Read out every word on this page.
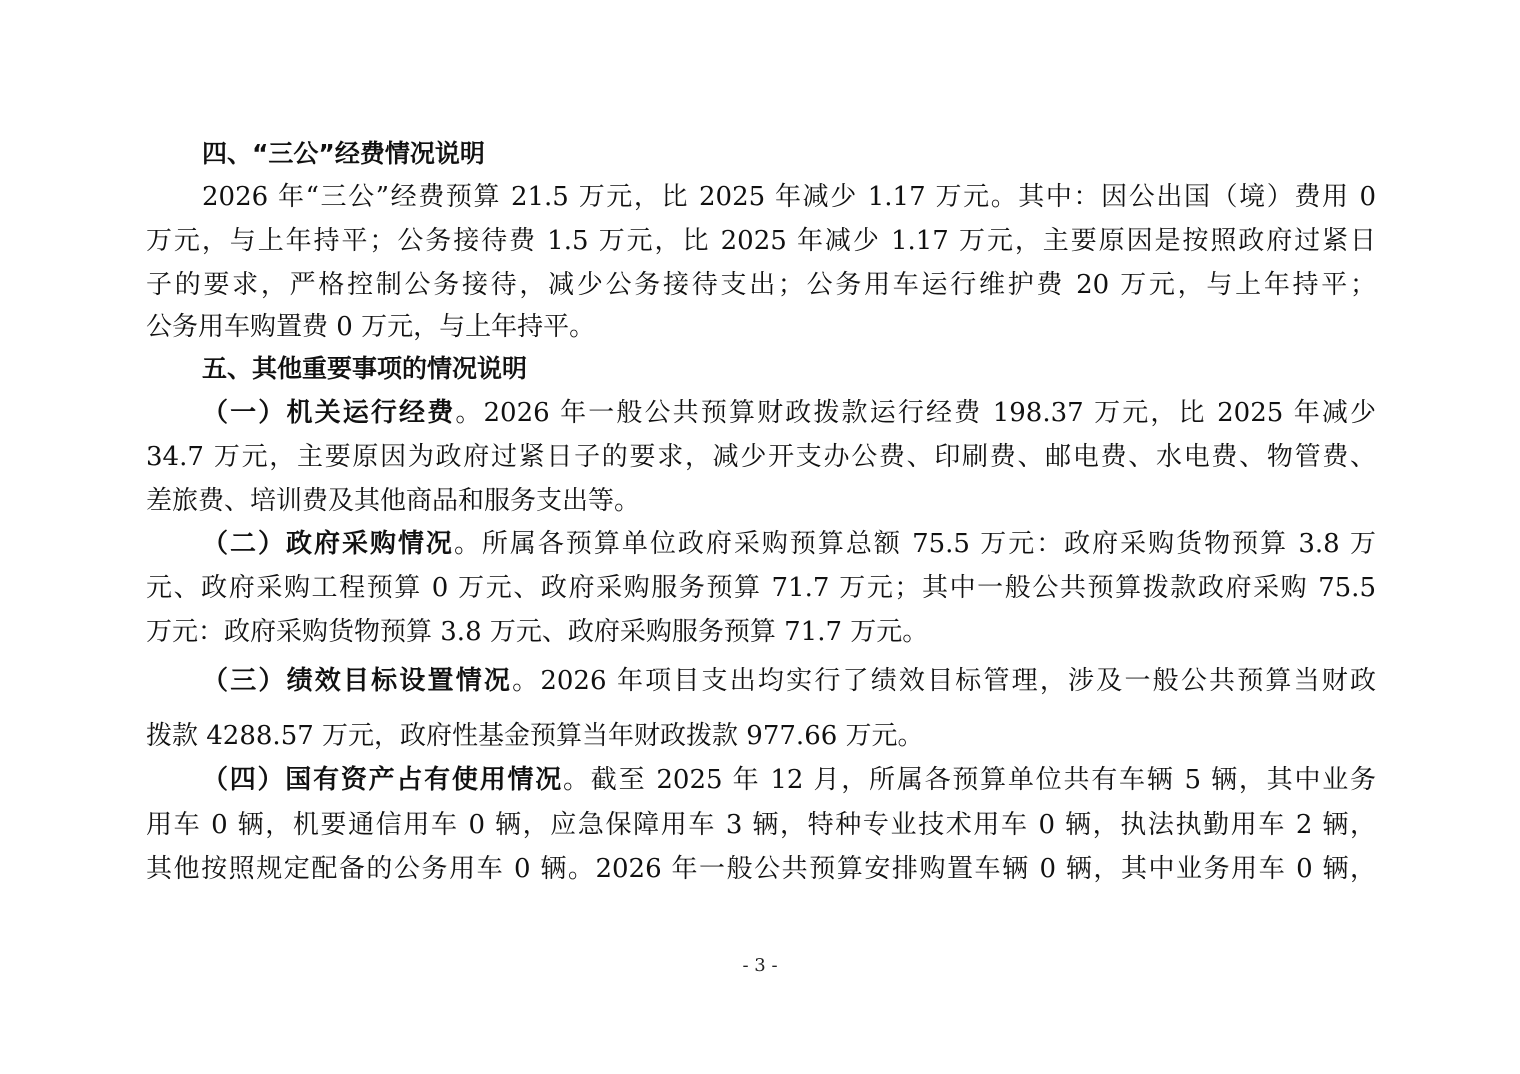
四、“三公”经费情况说明
2026 年“三公”经费预算 21.5 万元，比 2025 年减少 1.17 万元。其中：因公出国（境）费用 0
万元，与上年持平；公务接待费 1.5 万元，比 2025 年减少 1.17 万元，主要原因是按照政府过紧日
子的要求，严格控制公务接待，减少公务接待支出；公务用车运行维护费 20 万元，与上年持平；
公务用车购置费 0 万元，与上年持平。
五、其他重要事项的情况说明
（一）机关运行经费。2026 年一般公共预算财政拨款运行经费 198.37 万元，比 2025 年减少
34.7 万元，主要原因为政府过紧日子的要求，减少开支办公费、印刷费、邮电费、水电费、物管费、
差旅费、培训费及其他商品和服务支出等。
（二）政府采购情况。所属各预算单位政府采购预算总额 75.5 万元：政府采购货物预算 3.8 万
元、政府采购工程预算 0 万元、政府采购服务预算 71.7 万元；其中一般公共预算拨款政府采购 75.5
万元：政府采购货物预算 3.8 万元、政府采购服务预算 71.7 万元。
（三）绩效目标设置情况。2026 年项目支出均实行了绩效目标管理，涉及一般公共预算当财政
拨款 4288.57 万元，政府性基金预算当年财政拨款 977.66 万元。
（四）国有资产占有使用情况。截至 2025 年 12 月，所属各预算单位共有车辆 5 辆，其中业务
用车 0 辆，机要通信用车 0 辆，应急保障用车 3 辆，特种专业技术用车 0 辆，执法执勤用车 2 辆，
其他按照规定配备的公务用车 0 辆。2026 年一般公共预算安排购置车辆 0 辆，其中业务用车 0 辆，
- 3 -
